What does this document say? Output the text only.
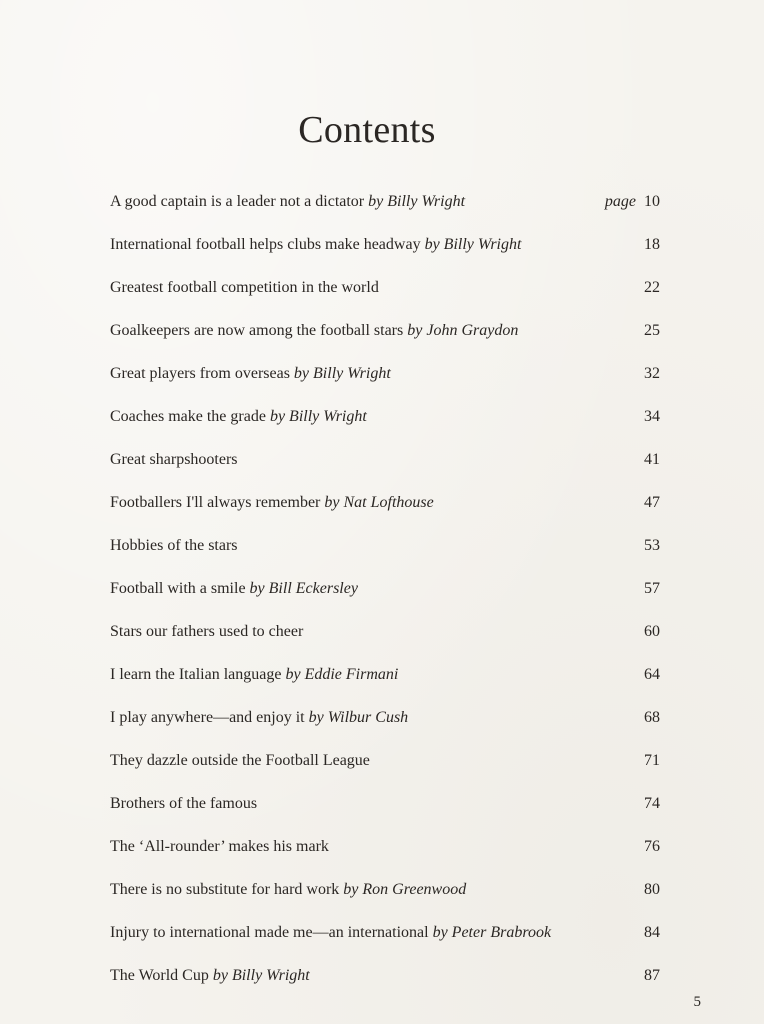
Contents
A good captain is a leader not a dictator by Billy Wright	page 10
International football helps clubs make headway by Billy Wright	18
Greatest football competition in the world	22
Goalkeepers are now among the football stars by John Graydon	25
Great players from overseas by Billy Wright	32
Coaches make the grade by Billy Wright	34
Great sharpshooters	41
Footballers I'll always remember by Nat Lofthouse	47
Hobbies of the stars	53
Football with a smile by Bill Eckersley	57
Stars our fathers used to cheer	60
I learn the Italian language by Eddie Firmani	64
I play anywhere—and enjoy it by Wilbur Cush	68
They dazzle outside the Football League	71
Brothers of the famous	74
The ‘All-rounder’ makes his mark	76
There is no substitute for hard work by Ron Greenwood	80
Injury to international made me—an international by Peter Brabrook	84
The World Cup by Billy Wright	87
5
